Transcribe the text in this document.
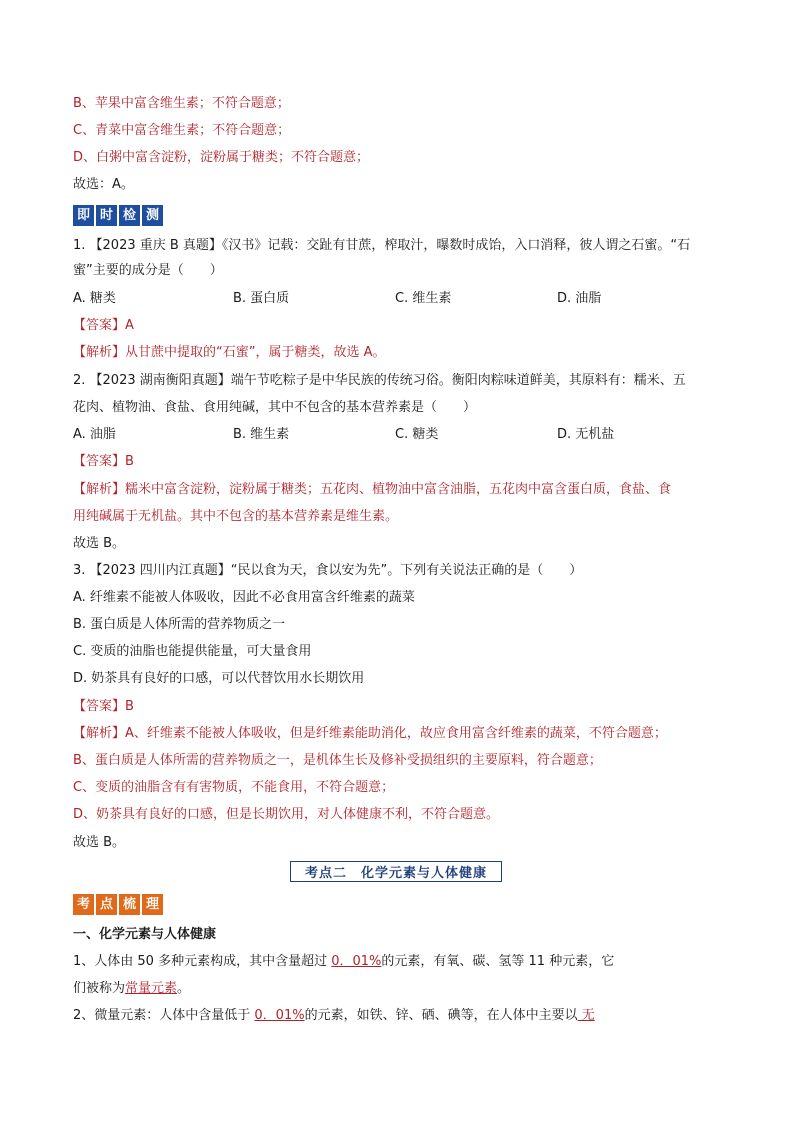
B、苹果中富含维生素；不符合题意；
C、青菜中富含维生素；不符合题意；
D、白粥中富含淀粉，淀粉属于糖类；不符合题意；
故选：A。
即 时 检 测
1. 【2023 重庆 B 真题】《汉书》记载：交趾有甘蔗，榨取汁，曝数时成饴，入口消释，彼人谓之石蜜。“石
蜜”主要的成分是（　　）
A. 糖类	B. 蛋白质	C. 维生素	D. 油脂
【答案】A
【解析】从甘蔗中提取的“石蜜”，属于糖类，故选 A。
2. 【2023 湖南衡阳真题】端午节吃粽子是中华民族的传统习俗。衡阳肉粽味道鲜美，其原料有：糯米、五
花肉、植物油、食盐、食用纯碱，其中不包含的基本营养素是（　　）
A. 油脂	B. 维生素	C. 糖类	D. 无机盐
【答案】B
【解析】糯米中富含淀粉，淀粉属于糖类；五花肉、植物油中富含油脂，五花肉中富含蛋白质，食盐、食
用纯碱属于无机盐。其中不包含的基本营养素是维生素。
故选 B。
3. 【2023 四川内江真题】“民以食为天，食以安为先”。下列有关说法正确的是（　　）
A. 纤维素不能被人体吸收，因此不必食用富含纤维素的蔬菜
B. 蛋白质是人体所需的营养物质之一
C. 变质的油脂也能提供能量，可大量食用
D. 奶茶具有良好的口感，可以代替饮用水长期饮用
【答案】B
【解析】A、纤维素不能被人体吸收，但是纤维素能助消化，故应食用富含纤维素的蔬菜，不符合题意；
B、蛋白质是人体所需的营养物质之一，是机体生长及修补受损组织的主要原料，符合题意；
C、变质的油脂含有有害物质，不能食用，不符合题意；
D、奶茶具有良好的口感，但是长期饮用，对人体健康不利，不符合题意。
故选 B。
考点二　化学元素与人体健康
考 点 梳 理
一、化学元素与人体健康
1、人体由 50 多种元素构成，其中含量超过 0．01%的元素，有氧、碳、氢等 11 种元素，它
们被称为常量元素。
2、微量元素：人体中含量低于 0．01%的元素，如铁、锌、硒、碘等，在人体中主要以 无
